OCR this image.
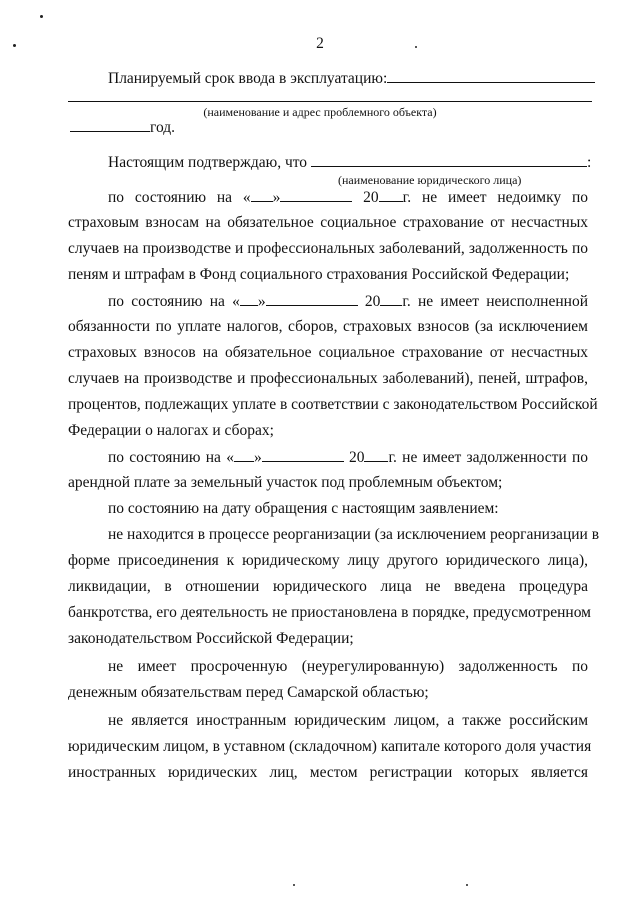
2
Планируемый срок ввода в эксплуатацию:
(наименование и адрес проблемного объекта)
год.
Настоящим подтверждаю, что	:
(наименование юридического лица)
по состоянию на « »	20 г. не имеет недоимку по
страховым взносам на обязательное социальное страхование от несчастных
случаев на производстве и профессиональных заболеваний, задолженность по
пеням и штрафам в Фонд социального страхования Российской Федерации;
по состоянию на « »	20 г. не имеет неисполненной
обязанности по уплате налогов, сборов, страховых взносов (за исключением
страховых взносов на обязательное социальное страхование от несчастных
случаев на производстве и профессиональных заболеваний), пеней, штрафов,
процентов, подлежащих уплате в соответствии с законодательством Российской
Федерации о налогах и сборах;
по состоянию на « »	20 г. не имеет задолженности по
арендной плате за земельный участок под проблемным объектом;
по состоянию на дату обращения с настоящим заявлением:
не находится в процессе реорганизации (за исключением реорганизации в
форме присоединения к юридическому лицу другого юридического лица),
ликвидации, в отношении юридического лица не введена процедура
банкротства, его деятельность не приостановлена в порядке, предусмотренном
законодательством Российской Федерации;
не имеет просроченную (неурегулированную) задолженность по
денежным обязательствам перед Самарской областью;
не является иностранным юридическим лицом, а также российским
юридическим лицом, в уставном (складочном) капитале которого доля участия
иностранных юридических лиц, местом регистрации которых является
